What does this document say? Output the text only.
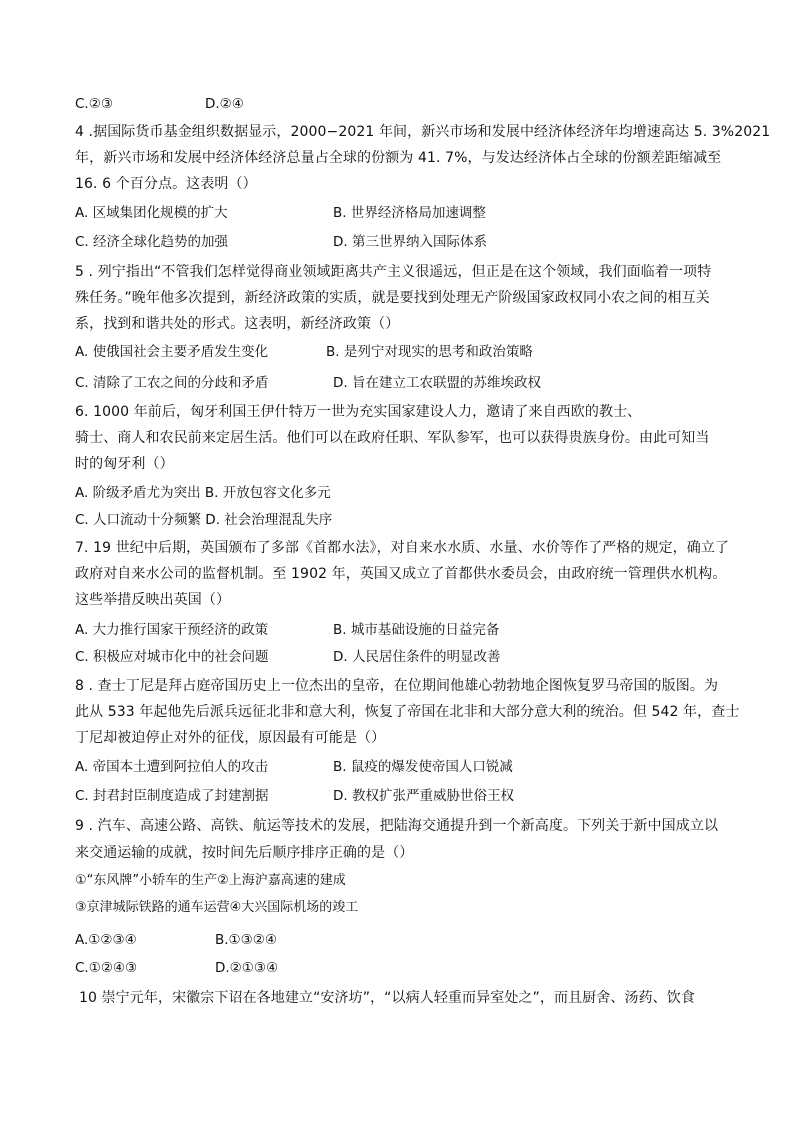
C.②③	D.②④
4 .据国际货币基金组织数据显示，2000−2021 年间，新兴市场和发展中经济体经济年均增速高达 5. 3%2021
年，新兴市场和发展中经济体经济总量占全球的份额为 41. 7%，与发达经济体占全球的份额差距缩减至
16. 6 个百分点。这表明（）
A. 区域集团化规模的扩大	B. 世界经济格局加速调整
C. 经济全球化趋势的加强	D. 第三世界纳入国际体系
5 . 列宁指出“不管我们怎样觉得商业领域距离共产主义很遥远，但正是在这个领域，我们面临着一项特
殊任务。”晚年他多次提到，新经济政策的实质，就是要找到处理无产阶级国家政权同小农之间的相互关
系，找到和谐共处的形式。这表明，新经济政策（）
A. 使俄国社会主要矛盾发生变化	B. 是列宁对现实的思考和政治策略
C. 清除了工农之间的分歧和矛盾	D. 旨在建立工农联盟的苏维埃政权
6. 1000 年前后，匈牙利国王伊什特万一世为充实国家建设人力，邀请了来自西欧的教士、
骑士、商人和农民前来定居生活。他们可以在政府任职、军队参军，也可以获得贵族身份。由此可知当
时的匈牙利（）
A. 阶级矛盾尤为突出 B. 开放包容文化多元
C. 人口流动十分频繁 D. 社会治理混乱失序
7. 19 世纪中后期，英国颁布了多部《首都水法》，对自来水水质、水量、水价等作了严格的规定，确立了
政府对自来水公司的监督机制。至 1902 年，英国又成立了首都供水委员会，由政府统一管理供水机构。
这些举措反映出英国（）
A. 大力推行国家干预经济的政策	B. 城市基础设施的日益完备
C. 积极应对城市化中的社会问题	D. 人民居住条件的明显改善
8 . 查士丁尼是拜占庭帝国历史上一位杰出的皇帝，在位期间他雄心勃勃地企图恢复罗马帝国的版图。为
此从 533 年起他先后派兵远征北非和意大利，恢复了帝国在北非和大部分意大利的统治。但 542 年，查士
丁尼却被迫停止对外的征伐，原因最有可能是（）
A. 帝国本土遭到阿拉伯人的攻击	B. 鼠疫的爆发使帝国人口锐减
C. 封君封臣制度造成了封建割据	D. 教权扩张严重威胁世俗王权
9 . 汽车、高速公路、高铁、航运等技术的发展，把陆海交通提升到一个新高度。下列关于新中国成立以
来交通运输的成就，按时间先后顺序排序正确的是（）
①“东风牌”小轿车的生产②上海沪嘉高速的建成
③京津城际铁路的通车运营④大兴国际机场的竣工
A.①②③④	B.①③②④
C.①②④③	D.②①③④
10 崇宁元年，宋徽宗下诏在各地建立“安济坊”，“以病人轻重而异室处之”，而且厨舍、汤药、饮食
